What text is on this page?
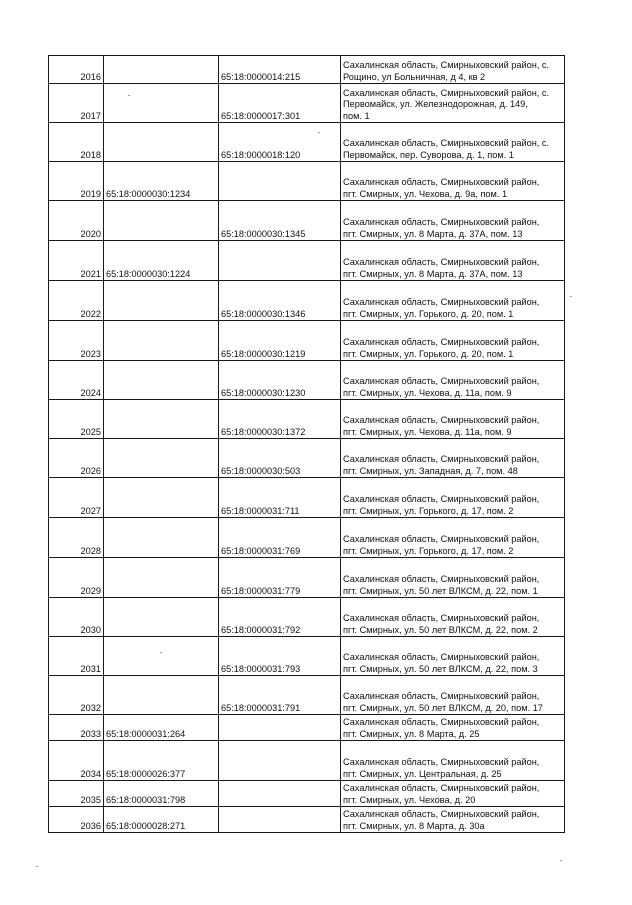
2016		65:18:0000014:215	Сахалинская область, Смирныховский район, с.
Рощино, ул Больничная, д 4, кв 2

2017		65:18:0000017:301	Сахалинская область, Смирныховский район, с.
Первомайск, ул. Железнодорожная, д. 149,
пом. 1

2018		65:18:0000018:120	Сахалинская область, Смирныховский район, с.
Первомайск, пер. Суворова, д. 1, пом. 1

2019	65:18:0000030:1234		Сахалинская область, Смирныховский район,
пгт. Смирных, ул. Чехова, д. 9а, пом. 1

2020		65:18:0000030:1345	Сахалинская область, Смирныховский район,
пгт. Смирных, ул. 8 Марта, д. 37А, пом. 13

2021	65:18:0000030:1224		Сахалинская область, Смирныховский район,
пгт. Смирных, ул. 8 Марта, д. 37А, пом. 13

2022		65:18:0000030:1346	Сахалинская область, Смирныховский район,
пгт. Смирных, ул. Горького, д. 20, пом. 1

2023		65:18:0000030:1219	Сахалинская область, Смирныховский район,
пгт. Смирных, ул. Горького, д. 20, пом. 1

2024		65:18:0000030:1230	Сахалинская область, Смирныховский район,
пгт. Смирных, ул. Чехова, д. 11а, пом. 9

2025		65:18:0000030:1372	Сахалинская область, Смирныховский район,
пгт. Смирных, ул. Чехова, д. 11а, пом. 9

2026		65:18:0000030:503	Сахалинская область, Смирныховский район,
пгт. Смирных, ул. Западная, д. 7, пом. 48

2027		65:18:0000031:711	Сахалинская область, Смирныховский район,
пгт. Смирных, ул. Горького, д. 17, пом. 2

2028		65:18:0000031:769	Сахалинская область, Смирныховский район,
пгт. Смирных, ул. Горького, д. 17, пом. 2

2029		65:18:0000031:779	Сахалинская область, Смирныховский район,
пгт. Смирных, ул. 50 лет ВЛКСМ, д. 22, пом. 1

2030		65:18:0000031:792	Сахалинская область, Смирныховский район,
пгт. Смирных, ул. 50 лет ВЛКСМ, д. 22, пом. 2

2031		65:18:0000031:793	Сахалинская область, Смирныховский район,
пгт. Смирных, ул. 50 лет ВЛКСМ, д. 22, пом. 3

2032		65:18:0000031:791	Сахалинская область, Смирныховский район,
пгт. Смирных, ул. 50 лет ВЛКСМ, д. 20, пом. 17

2033	65:18:0000031:264		Сахалинская область, Смирныховский район,
пгт. Смирных, ул. 8 Марта, д. 25

2034	65:18:0000026:377		Сахалинская область, Смирныховский район,
пгт. Смирных, ул. Центральная, д. 25

2035	65:18:0000031:798		Сахалинская область, Смирныховский район,
пгт. Смирных, ул. Чехова, д. 20

2036	65:18:0000028:271		Сахалинская область, Смирныховский район,
пгт. Смирных, ул. 8 Марта, д. 30а
